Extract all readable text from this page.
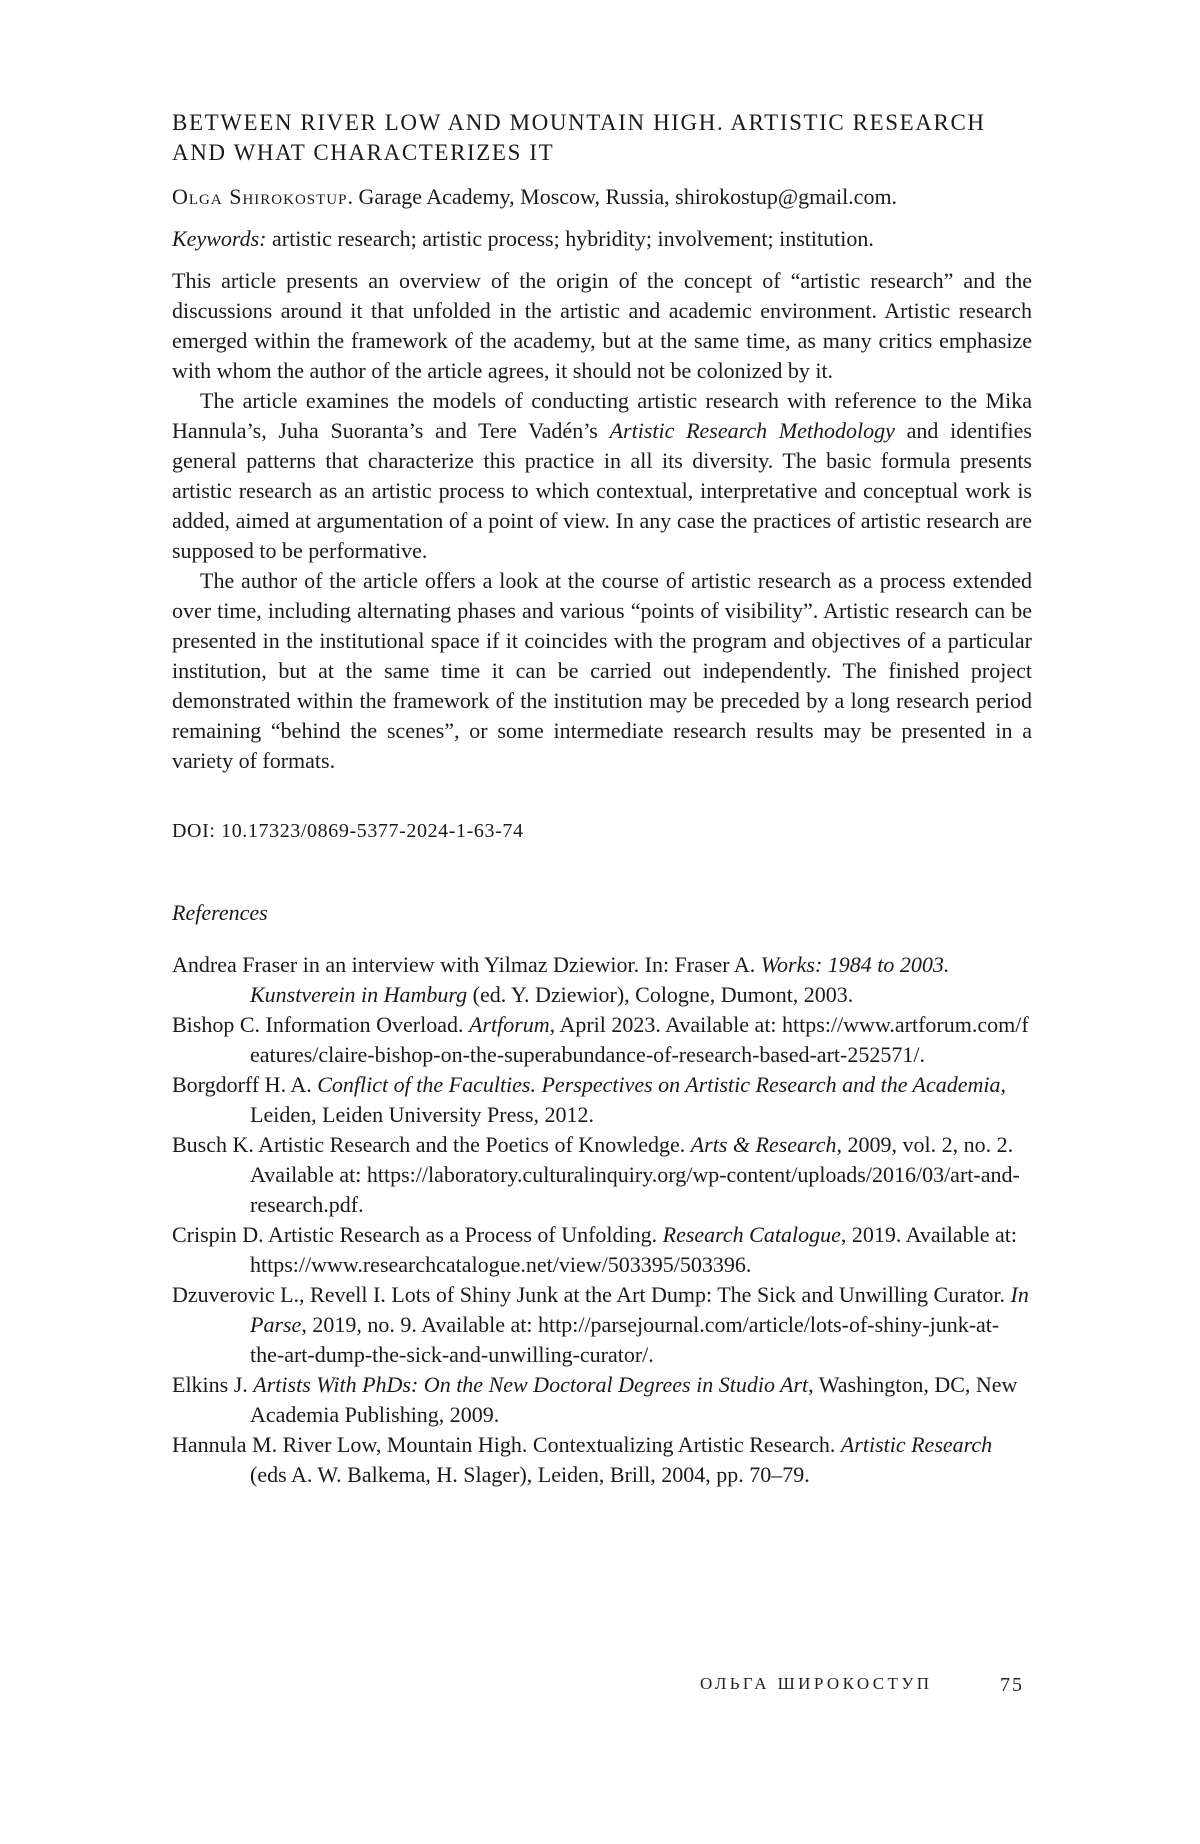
BETWEEN RIVER LOW AND MOUNTAIN HIGH. ARTISTIC RESEARCH AND WHAT CHARACTERIZES IT

Olga Shirokostup. Garage Academy, Moscow, Russia, shirokostup@gmail.com.

Keywords: artistic research; artistic process; hybridity; involvement; institution.

This article presents an overview of the origin of the concept of “artistic research” and the discussions around it that unfolded in the artistic and academic environment. Artistic research emerged within the framework of the academy, but at the same time, as many critics emphasize with whom the author of the article agrees, it should not be colonized by it.

The article examines the models of conducting artistic research with reference to the Mika Hannula’s, Juha Suoranta’s and Tere Vadén’s Artistic Research Methodology and identifies general patterns that characterize this practice in all its diversity. The basic formula presents artistic research as an artistic process to which contextual, interpretative and conceptual work is added, aimed at argumentation of a point of view. In any case the practices of artistic research are supposed to be performative.

The author of the article offers a look at the course of artistic research as a process extended over time, including alternating phases and various “points of visibility”. Artistic research can be presented in the institutional space if it coincides with the program and objectives of a particular institution, but at the same time it can be carried out independently. The finished project demonstrated within the framework of the institution may be preceded by a long research period remaining “behind the scenes”, or some intermediate research results may be presented in a variety of formats.

DOI: 10.17323/0869-5377-2024-1-63-74

References

Andrea Fraser in an interview with Yilmaz Dziewior. In: Fraser A. Works: 1984 to 2003. Kunstverein in Hamburg (ed. Y. Dziewior), Cologne, Dumont, 2003.
Bishop C. Information Overload. Artforum, April 2023. Available at: https://www.artforum.com/features/claire-bishop-on-the-superabundance-of-research-based-art-252571/.
Borgdorff H. A. Conflict of the Faculties. Perspectives on Artistic Research and the Academia, Leiden, Leiden University Press, 2012.
Busch K. Artistic Research and the Poetics of Knowledge. Arts & Research, 2009, vol. 2, no. 2. Available at: https://laboratory.culturalinquiry.org/wp-content/uploads/2016/03/art-and-research.pdf.
Crispin D. Artistic Research as a Process of Unfolding. Research Catalogue, 2019. Available at: https://www.researchcatalogue.net/view/503395/503396.
Dzuverovic L., Revell I. Lots of Shiny Junk at the Art Dump: The Sick and Unwilling Curator. In Parse, 2019, no. 9. Available at: http://parsejournal.com/article/lots-of-shiny-junk-at-the-art-dump-the-sick-and-unwilling-curator/.
Elkins J. Artists With PhDs: On the New Doctoral Degrees in Studio Art, Washington, DC, New Academia Publishing, 2009.
Hannula M. River Low, Mountain High. Contextualizing Artistic Research. Artistic Research (eds A. W. Balkema, H. Slager), Leiden, Brill, 2004, pp. 70–79.
ОЛЬГА ШИРОКОСТУП	75
